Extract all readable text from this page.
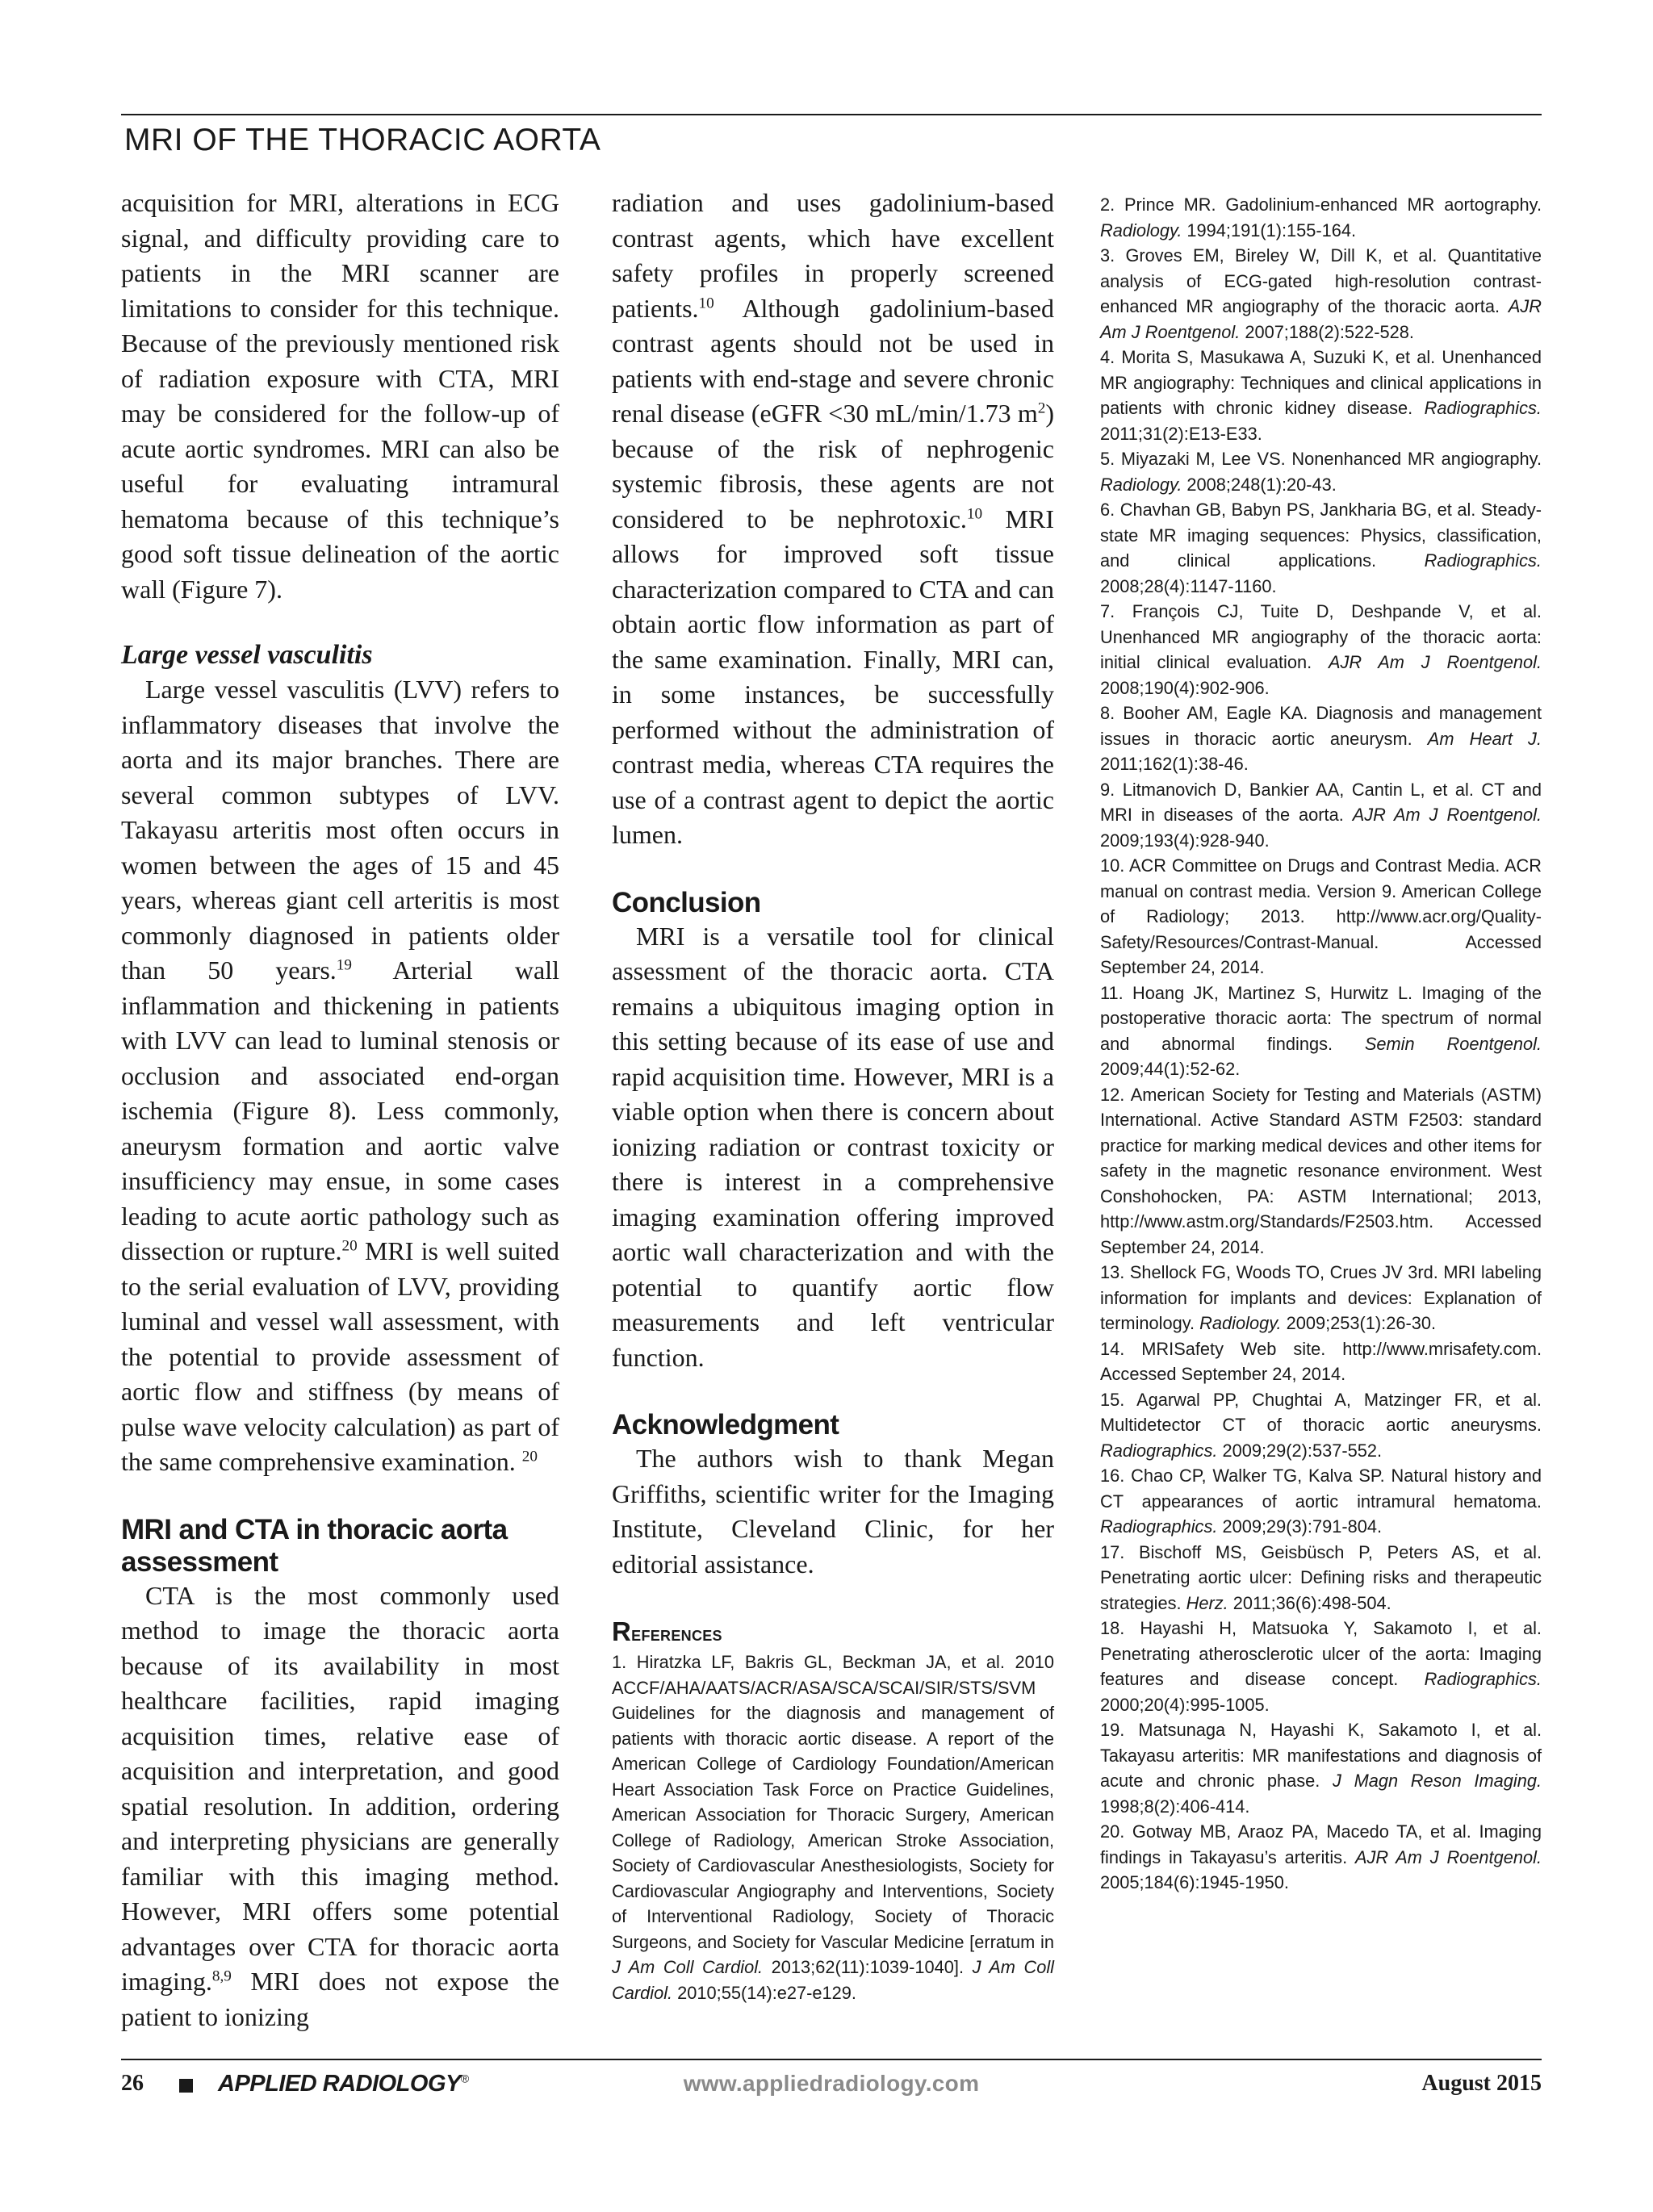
MRI OF THE THORACIC AORTA

acquisition for MRI, alterations in ECG signal, and difficulty providing care to patients in the MRI scanner are limitations to consider for this technique. Because of the previously mentioned risk of radiation exposure with CTA, MRI may be considered for the follow-up of acute aortic syndromes. MRI can also be useful for evaluating intramural hematoma because of this technique’s good soft tissue delineation of the aortic wall (Figure 7).

Large vessel vasculitis

Large vessel vasculitis (LVV) refers to inflammatory diseases that involve the aorta and its major branches. There are several common subtypes of LVV. Takayasu arteritis most often occurs in women between the ages of 15 and 45 years, whereas giant cell arteritis is most commonly diagnosed in patients older than 50 years.$^{19}$ Arterial wall inflammation and thickening in patients with LVV can lead to luminal stenosis or occlusion and associated end-organ ischemia (Figure 8). Less commonly, aneurysm formation and aortic valve insufficiency may ensue, in some cases leading to acute aortic pathology such as dissection or rupture.$^{20}$ MRI is well suited to the serial evaluation of LVV, providing luminal and vessel wall assessment, with the potential to provide assessment of aortic flow and stiffness (by means of pulse wave velocity calculation) as part of the same comprehensive examination. $^{20}$

MRI and CTA in thoracic aorta assessment

CTA is the most commonly used method to image the thoracic aorta because of its availability in most healthcare facilities, rapid imaging acquisition times, relative ease of acquisition and interpretation, and good spatial resolution. In addition, ordering and interpreting physicians are generally familiar with this imaging method. However, MRI offers some potential advantages over CTA for thoracic aorta imaging.$^{8,9}$ MRI does not expose the patient to ionizing

radiation and uses gadolinium-based contrast agents, which have excellent safety profiles in properly screened patients.$^{10}$ Although gadolinium-based contrast agents should not be used in patients with end-stage and severe chronic renal disease (eGFR <30 mL/min/1.73 $m^2$) because of the risk of nephrogenic systemic fibrosis, these agents are not considered to be nephrotoxic.$^{10}$ MRI allows for improved soft tissue characterization compared to CTA and can obtain aortic flow information as part of the same examination. Finally, MRI can, in some instances, be successfully performed without the administration of contrast media, whereas CTA requires the use of a contrast agent to depict the aortic lumen.

Conclusion

MRI is a versatile tool for clinical assessment of the thoracic aorta. CTA remains a ubiquitous imaging option in this setting because of its ease of use and rapid acquisition time. However, MRI is a viable option when there is concern about ionizing radiation or contrast toxicity or there is interest in a comprehensive imaging examination offering improved aortic wall characterization and with the potential to quantify aortic flow measurements and left ventricular function.

Acknowledgment

The authors wish to thank Megan Griffiths, scientific writer for the Imaging Institute, Cleveland Clinic, for her editorial assistance.

References

1. Hiratzka LF, Bakris GL, Beckman JA, et al. 2010 ACCF/AHA/AATS/ACR/ASA/SCA/SCAI/SIR/STS/SVM Guidelines for the diagnosis and management of patients with thoracic aortic disease. A report of the American College of Cardiology Foundation/American Heart Association Task Force on Practice Guidelines, American Association for Thoracic Surgery, American College of Radiology, American Stroke Association, Society of Cardiovascular Anesthesiologists, Society for Cardiovascular Angiography and Interventions, Society of Interventional Radiology, Society of Thoracic Surgeons, and Society for Vascular Medicine [erratum in J Am Coll Cardiol. 2013;62(11):1039-1040]. J Am Coll Cardiol. 2010;55(14):e27-e129.

2. Prince MR. Gadolinium-enhanced MR aortography. Radiology. 1994;191(1):155-164.

3. Groves EM, Bireley W, Dill K, et al. Quantitative analysis of ECG-gated high-resolution contrast-enhanced MR angiography of the thoracic aorta. AJR Am J Roentgenol. 2007;188(2):522-528.

4. Morita S, Masukawa A, Suzuki K, et al. Unenhanced MR angiography: Techniques and clinical applications in patients with chronic kidney disease. Radiographics. 2011;31(2):E13-E33.

5. Miyazaki M, Lee VS. Nonenhanced MR angiography. Radiology. 2008;248(1):20-43.

6. Chavhan GB, Babyn PS, Jankharia BG, et al. Steady-state MR imaging sequences: Physics, classification, and clinical applications. Radiographics. 2008;28(4):1147-1160.

7. François CJ, Tuite D, Deshpande V, et al. Unenhanced MR angiography of the thoracic aorta: initial clinical evaluation. AJR Am J Roentgenol. 2008;190(4):902-906.

8. Booher AM, Eagle KA. Diagnosis and management issues in thoracic aortic aneurysm. Am Heart J. 2011;162(1):38-46.

9. Litmanovich D, Bankier AA, Cantin L, et al. CT and MRI in diseases of the aorta. AJR Am J Roentgenol. 2009;193(4):928-940.

10. ACR Committee on Drugs and Contrast Media. ACR manual on contrast media. Version 9. American College of Radiology; 2013. http://www.acr.org/Quality-Safety/Resources/Contrast-Manual. Accessed September 24, 2014.

11. Hoang JK, Martinez S, Hurwitz L. Imaging of the postoperative thoracic aorta: The spectrum of normal and abnormal findings. Semin Roentgenol. 2009;44(1):52-62.

12. American Society for Testing and Materials (ASTM) International. Active Standard ASTM F2503: standard practice for marking medical devices and other items for safety in the magnetic resonance environment. West Conshohocken, PA: ASTM International; 2013, http://www.astm.org/Standards/F2503.htm. Accessed September 24, 2014.

13. Shellock FG, Woods TO, Crues JV 3rd. MRI labeling information for implants and devices: Explanation of terminology. Radiology. 2009;253(1):26-30.

14. MRISafety Web site. http://www.mrisafety.com. Accessed September 24, 2014.

15. Agarwal PP, Chughtai A, Matzinger FR, et al. Multidetector CT of thoracic aortic aneurysms. Radiographics. 2009;29(2):537-552.

16. Chao CP, Walker TG, Kalva SP. Natural history and CT appearances of aortic intramural hematoma. Radiographics. 2009;29(3):791-804.

17. Bischoff MS, Geisbüsch P, Peters AS, et al. Penetrating aortic ulcer: Defining risks and therapeutic strategies. Herz. 2011;36(6):498-504.

18. Hayashi H, Matsuoka Y, Sakamoto I, et al. Penetrating atherosclerotic ulcer of the aorta: Imaging features and disease concept. Radiographics. 2000;20(4):995-1005.

19. Matsunaga N, Hayashi K, Sakamoto I, et al. Takayasu arteritis: MR manifestations and diagnosis of acute and chronic phase. J Magn Reson Imaging. 1998;8(2):406-414.

20. Gotway MB, Araoz PA, Macedo TA, et al. Imaging findings in Takayasu’s arteritis. AJR Am J Roentgenol. 2005;184(6):1945-1950.

26	APPLIED RADIOLOGY®	www.appliedradiology.com	August 2015
